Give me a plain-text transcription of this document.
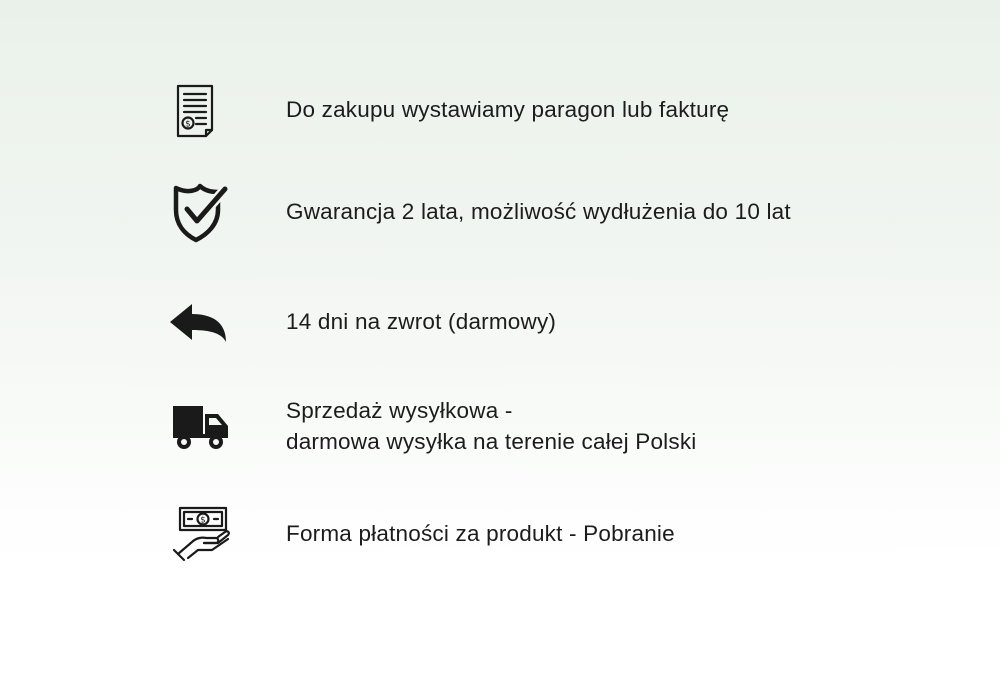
$
Do zakupu wystawiamy paragon lub fakturę
Gwarancja 2 lata, możliwość wydłużenia do 10 lat
14 dni na zwrot (darmowy)
Sprzedaż wysyłkowa -
darmowa wysyłka na terenie całej Polski
$
Forma płatności za produkt - Pobranie
